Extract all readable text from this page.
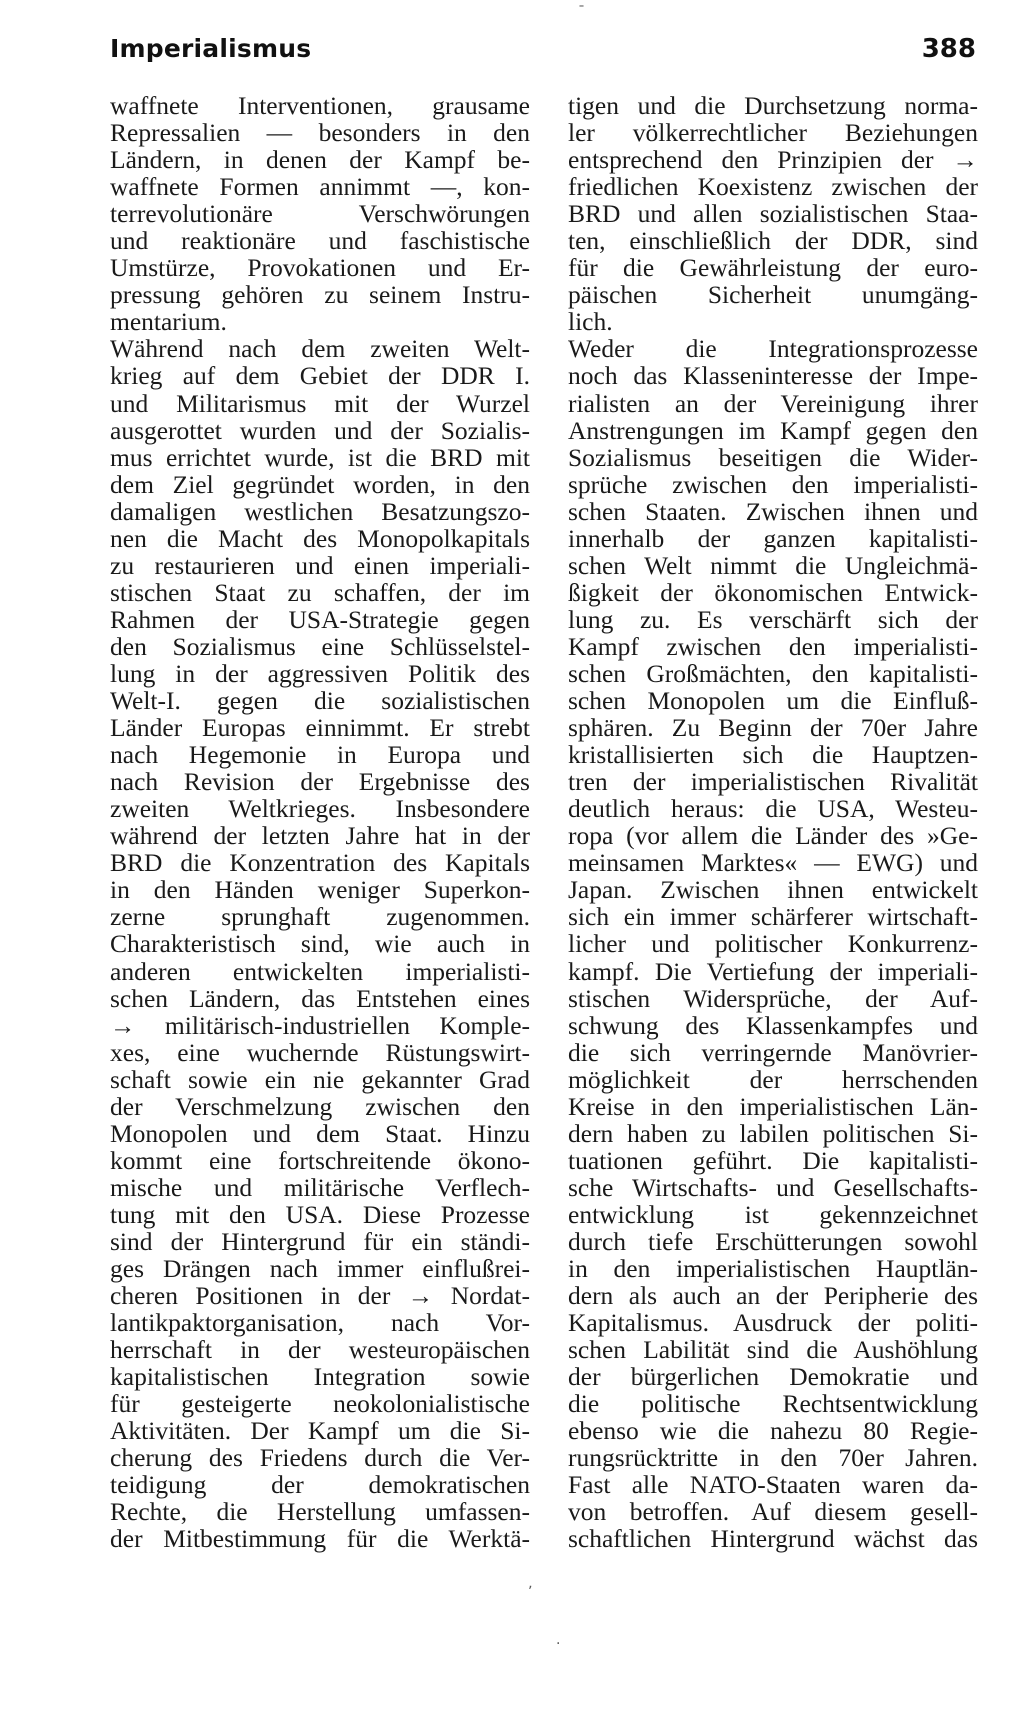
Imperialismus	388
waffnete Interventionen, grausame
Repressalien — besonders in den
Ländern, in denen der Kampf be-
waffnete Formen annimmt —, kon-
terrevolutionäre Verschwörungen
und reaktionäre und faschistische
Umstürze, Provokationen und Er-
pressung gehören zu seinem Instru-
mentarium.
Während nach dem zweiten Welt-
krieg auf dem Gebiet der DDR I.
und Militarismus mit der Wurzel
ausgerottet wurden und der Sozialis-
mus errichtet wurde, ist die BRD mit
dem Ziel gegründet worden, in den
damaligen westlichen Besatzungszo-
nen die Macht des Monopolkapitals
zu restaurieren und einen imperiali-
stischen Staat zu schaffen, der im
Rahmen der USA-Strategie gegen
den Sozialismus eine Schlüsselstel-
lung in der aggressiven Politik des
Welt-I. gegen die sozialistischen
Länder Europas einnimmt. Er strebt
nach Hegemonie in Europa und
nach Revision der Ergebnisse des
zweiten Weltkrieges. Insbesondere
während der letzten Jahre hat in der
BRD die Konzentration des Kapitals
in den Händen weniger Superkon-
zerne sprunghaft zugenommen.
Charakteristisch sind, wie auch in
anderen entwickelten imperialisti-
schen Ländern, das Entstehen eines
→ militärisch-industriellen Komple-
xes, eine wuchernde Rüstungswirt-
schaft sowie ein nie gekannter Grad
der Verschmelzung zwischen den
Monopolen und dem Staat. Hinzu
kommt eine fortschreitende ökono-
mische und militärische Verflech-
tung mit den USA. Diese Prozesse
sind der Hintergrund für ein ständi-
ges Drängen nach immer einflußrei-
cheren Positionen in der → Nordat-
lantikpaktorganisation, nach Vor-
herrschaft in der westeuropäischen
kapitalistischen Integration sowie
für gesteigerte neokolonialistische
Aktivitäten. Der Kampf um die Si-
cherung des Friedens durch die Ver-
teidigung der demokratischen
Rechte, die Herstellung umfassen-
der Mitbestimmung für die Werktä-
tigen und die Durchsetzung norma-
ler völkerrechtlicher Beziehungen
entsprechend den Prinzipien der →
friedlichen Koexistenz zwischen der
BRD und allen sozialistischen Staa-
ten, einschließlich der DDR, sind
für die Gewährleistung der euro-
päischen Sicherheit unumgäng-
lich.
Weder die Integrationsprozesse
noch das Klasseninteresse der Impe-
rialisten an der Vereinigung ihrer
Anstrengungen im Kampf gegen den
Sozialismus beseitigen die Wider-
sprüche zwischen den imperialisti-
schen Staaten. Zwischen ihnen und
innerhalb der ganzen kapitalisti-
schen Welt nimmt die Ungleichmä-
ßigkeit der ökonomischen Entwick-
lung zu. Es verschärft sich der
Kampf zwischen den imperialisti-
schen Großmächten, den kapitalisti-
schen Monopolen um die Einfluß-
sphären. Zu Beginn der 70er Jahre
kristallisierten sich die Hauptzen-
tren der imperialistischen Rivalität
deutlich heraus: die USA, Westeu-
ropa (vor allem die Länder des »Ge-
meinsamen Marktes« — EWG) und
Japan. Zwischen ihnen entwickelt
sich ein immer schärferer wirtschaft-
licher und politischer Konkurrenz-
kampf. Die Vertiefung der imperiali-
stischen Widersprüche, der Auf-
schwung des Klassenkampfes und
die sich verringernde Manövrier-
möglichkeit der herrschenden
Kreise in den imperialistischen Län-
dern haben zu labilen politischen Si-
tuationen geführt. Die kapitalisti-
sche Wirtschafts- und Gesellschafts-
entwicklung ist gekennzeichnet
durch tiefe Erschütterungen sowohl
in den imperialistischen Hauptlän-
dern als auch an der Peripherie des
Kapitalismus. Ausdruck der politi-
schen Labilität sind die Aushöhlung
der bürgerlichen Demokratie und
die politische Rechtsentwicklung
ebenso wie die nahezu 80 Regie-
rungsrücktritte in den 70er Jahren.
Fast alle NATO-Staaten waren da-
von betroffen. Auf diesem gesell-
schaftlichen Hintergrund wächst das
ˉ
ʼ
·
